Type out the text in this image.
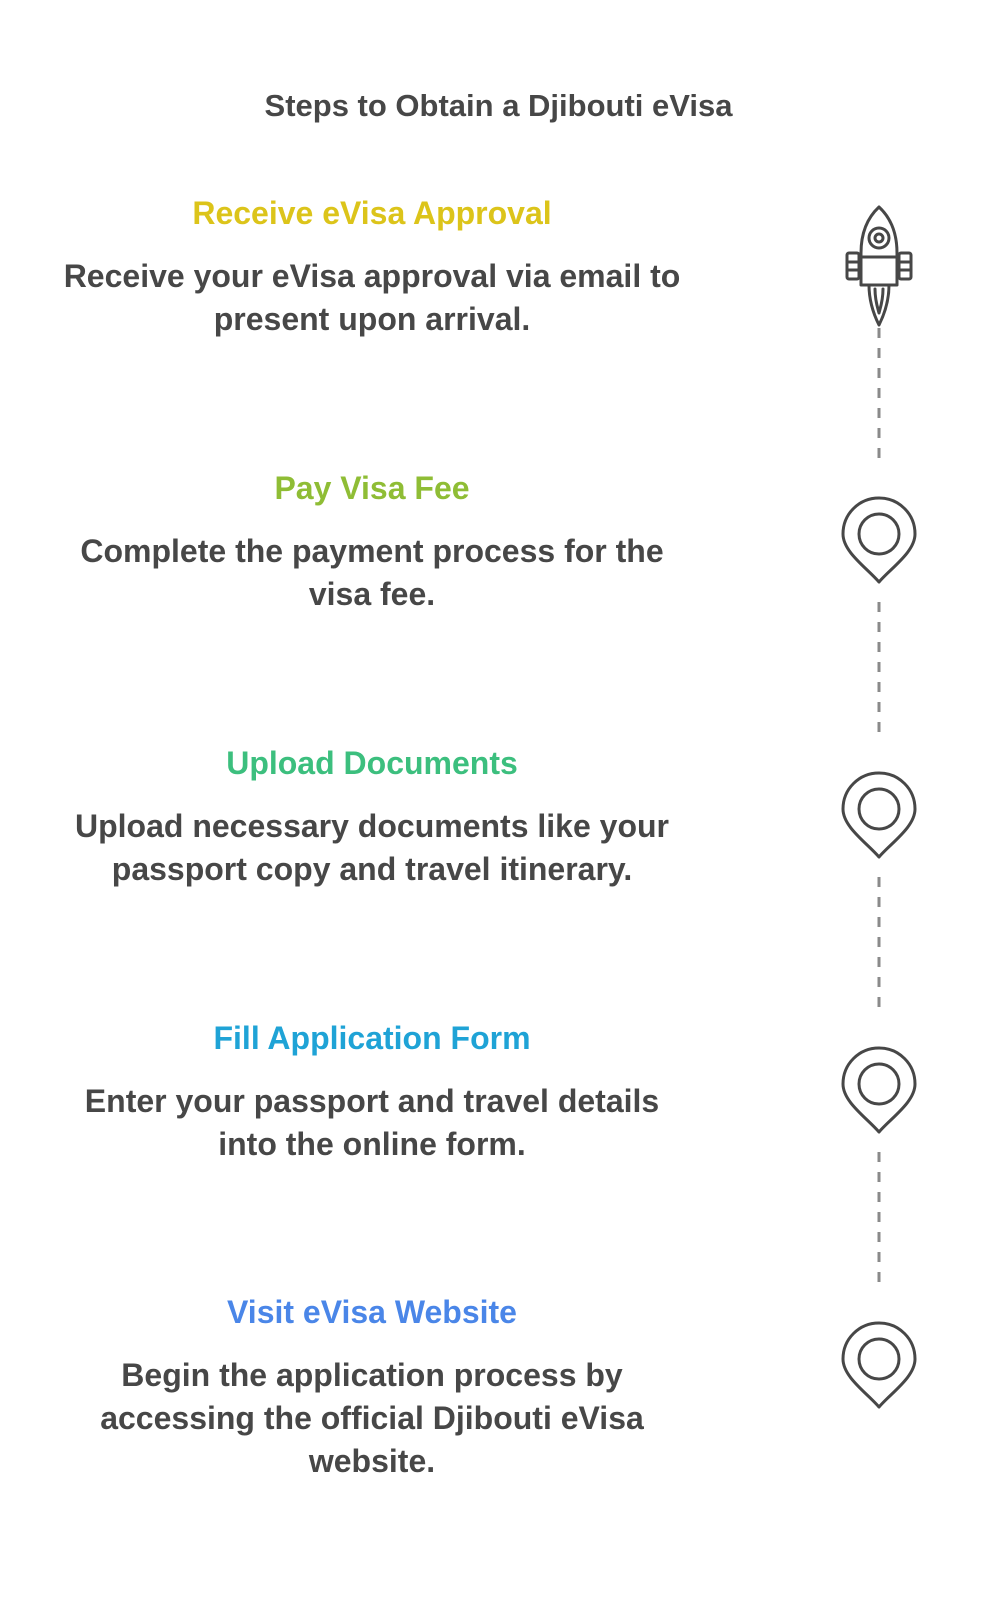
Steps to Obtain a Djibouti eVisa
Receive eVisa Approval
Receive your eVisa approval via email to present upon arrival.
Pay Visa Fee
Complete the payment process for the visa fee.
Upload Documents
Upload necessary documents like your passport copy and travel itinerary.
Fill Application Form
Enter your passport and travel details into the online form.
Visit eVisa Website
Begin the application process by accessing the official Djibouti eVisa website.
